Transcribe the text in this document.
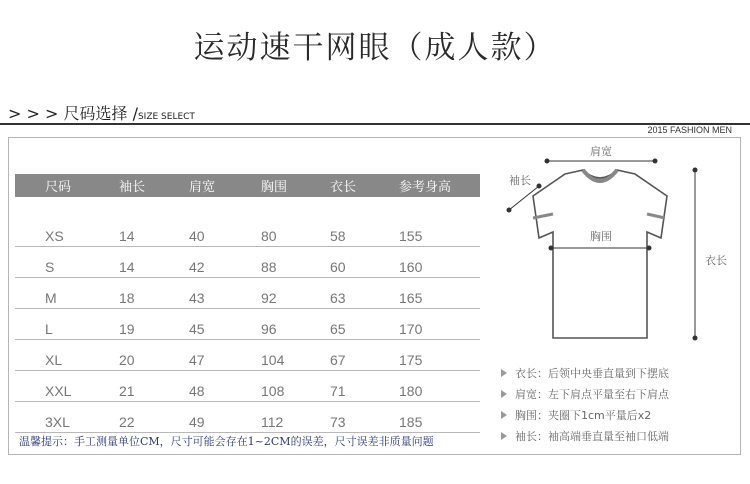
运动速干网眼（成人款）
> > > 尺码选择 /SIZE SELECT
2015 FASHION MEN
尺码	袖长	肩宽	胸围	衣长	参考身高

XS	14	40	80	58	155
S	14	42	88	60	160
M	18	43	92	63	165
L	19	45	96	65	170
XL	20	47	104	67	175
XXL	21	48	108	71	180
3XL	22	49	112	73	185
温馨提示：手工测量单位CM，尺寸可能会存在1~2CM的误差，尺寸误差非质量问题
肩宽
袖长
胸围
衣长
衣长：后领中央垂直量到下摆底
肩宽：左下肩点平量至右下肩点
胸围：夹圈下1cm平量后x2
袖长：袖高端垂直量至袖口低端
